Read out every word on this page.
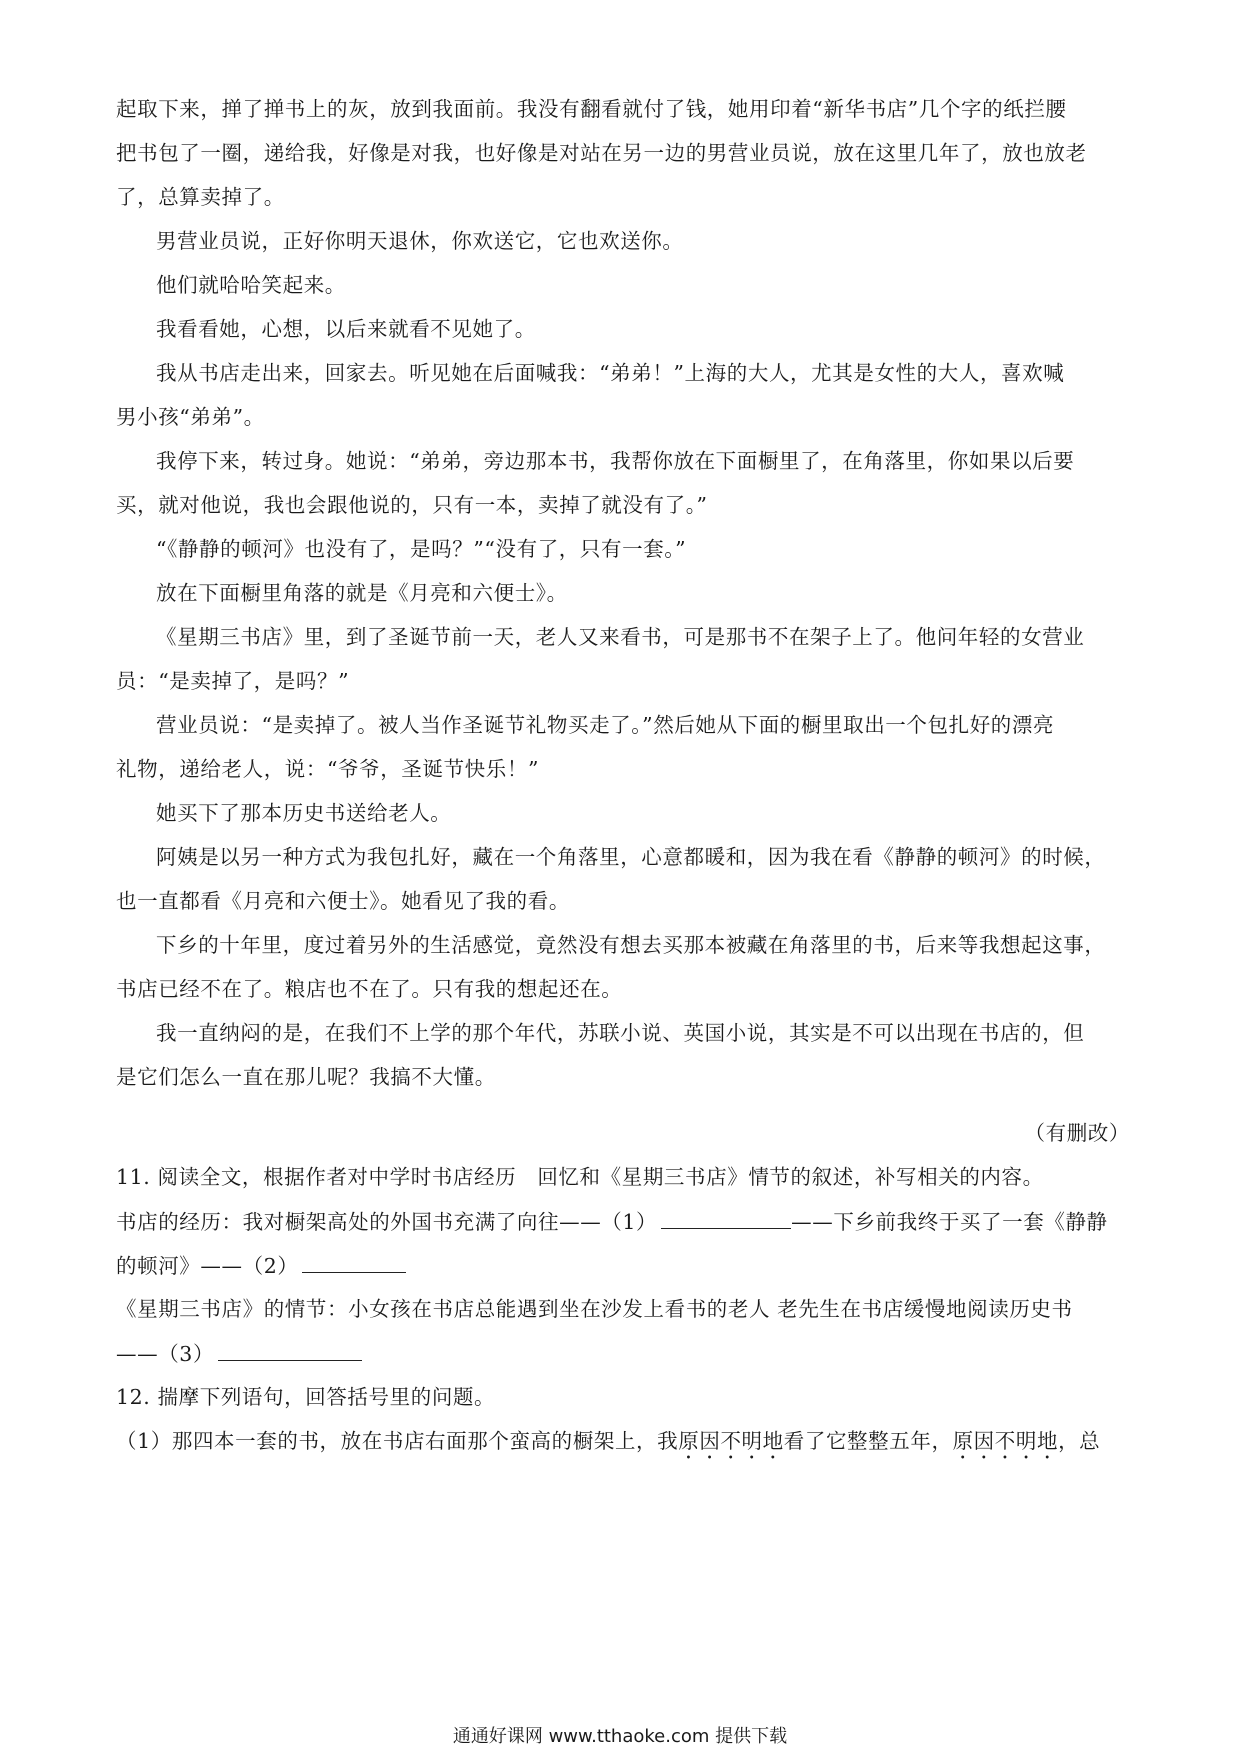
起取下来，掸了掸书上的灰，放到我面前。我没有翻看就付了钱，她用印着“新华书店”几个字的纸拦腰
把书包了一圈，递给我，好像是对我，也好像是对站在另一边的男营业员说，放在这里几年了，放也放老
了，总算卖掉了。
男营业员说，正好你明天退休，你欢送它，它也欢送你。
他们就哈哈笑起来。
我看看她，心想，以后来就看不见她了。
我从书店走出来，回家去。听见她在后面喊我：“弟弟！”上海的大人，尤其是女性的大人，喜欢喊
男小孩“弟弟”。
我停下来，转过身。她说：“弟弟，旁边那本书，我帮你放在下面橱里了，在角落里，你如果以后要
买，就对他说，我也会跟他说的，只有一本，卖掉了就没有了。”
“《静静的顿河》也没有了，是吗？”“没有了，只有一套。”
放在下面橱里角落的就是《月亮和六便士》。
《星期三书店》里，到了圣诞节前一天，老人又来看书，可是那书不在架子上了。他问年轻的女营业
员：“是卖掉了，是吗？”
营业员说：“是卖掉了。被人当作圣诞节礼物买走了。”然后她从下面的橱里取出一个包扎好的漂亮
礼物，递给老人，说：“爷爷，圣诞节快乐！”
她买下了那本历史书送给老人。
阿姨是以另一种方式为我包扎好，藏在一个角落里，心意都暖和，因为我在看《静静的顿河》的时候，
也一直都看《月亮和六便士》。她看见了我的看。
下乡的十年里，度过着另外的生活感觉，竟然没有想去买那本被藏在角落里的书，后来等我想起这事，
书店已经不在了。粮店也不在了。只有我的想起还在。
我一直纳闷的是，在我们不上学的那个年代，苏联小说、英国小说，其实是不可以出现在书店的，但
是它们怎么一直在那儿呢？我搞不大懂。
（有删改）
11. 阅读全文，根据作者对中学时书店经历　回忆和《星期三书店》情节的叙述，补写相关的内容。
书店的经历：我对橱架高处的外国书充满了向往——（1）	——下乡前我终于买了一套《静静
的顿河》——（2）
《星期三书店》的情节：小女孩在书店总能遇到坐在沙发上看书的老人 老先生在书店缓慢地阅读历史书
——（3）
12. 揣摩下列语句，回答括号里的问题。
（1）那四本一套的书，放在书店右面那个蛮高的橱架上，我原因不明地看了它整整五年，原因不明地，总
通通好课网 www.tthaoke.com 提供下载
